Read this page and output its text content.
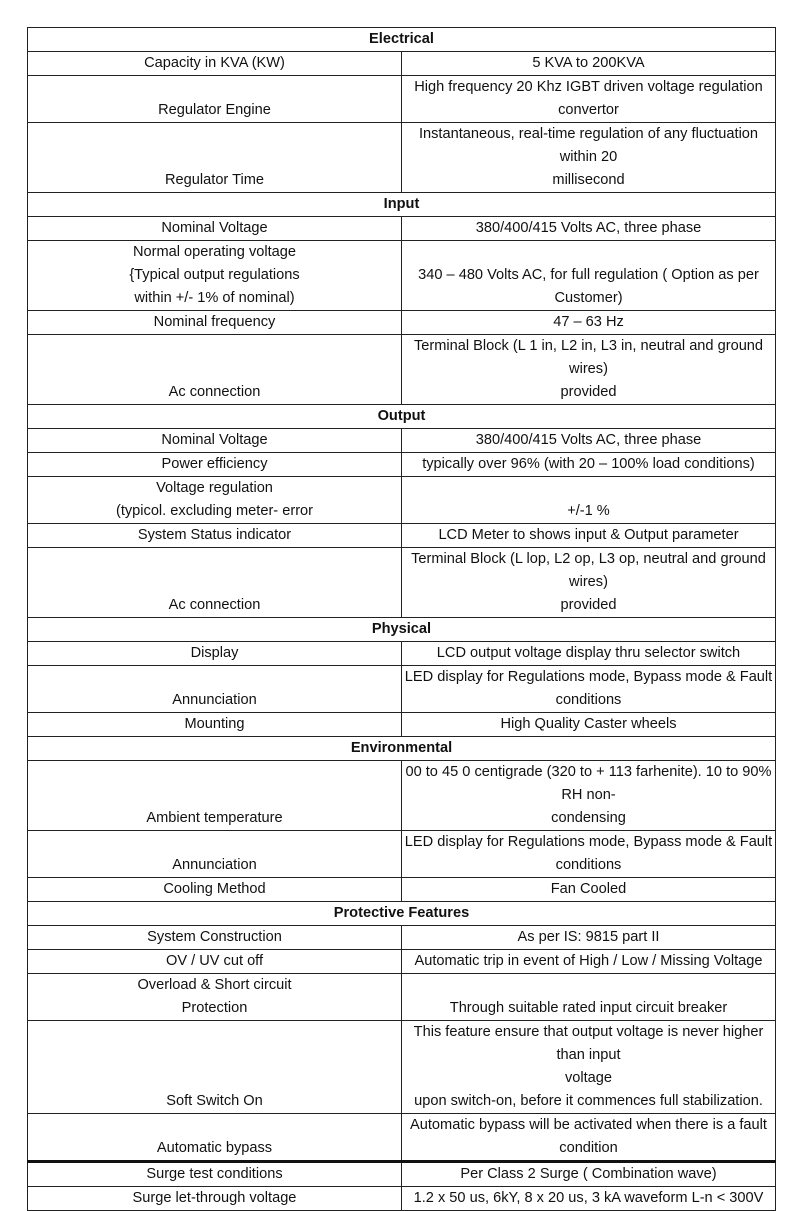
Electrical	
Capacity in KVA (KW)	5 KVA to 200KVA
Regulator Engine	High frequency 20 Khz IGBT driven voltage regulation convertor
Regulator Time	Instantaneous, real-time regulation of any fluctuation within 20
millisecond
Input	
Nominal Voltage	380/400/415 Volts AC, three phase
Normal operating voltage
{Typical output regulations
within +/- 1% of nominal)	340 – 480 Volts AC, for full regulation ( Option as per Customer)
Nominal frequency	47 – 63 Hz
Ac connection	Terminal Block (L 1 in, L2 in, L3 in, neutral and ground wires)
provided
Output	
Nominal Voltage	380/400/415 Volts AC, three phase
Power efficiency	typically over 96% (with 20 – 100% load conditions)
Voltage regulation
(typicol. excluding meter- error	+/-1 %
System Status indicator	LCD Meter to shows input & Output parameter
Ac connection	Terminal Block (L lop, L2 op, L3 op, neutral and ground wires)
provided
Physical	
Display	LCD output voltage display thru selector switch
Annunciation	LED display for Regulations mode, Bypass mode & Fault conditions
Mounting	High Quality Caster wheels
Environmental	
Ambient temperature	00 to 45 0 centigrade (320 to + 113 farhenite). 10 to 90% RH non-
condensing
Annunciation	LED display for Regulations mode, Bypass mode & Fault conditions
Cooling Method	Fan Cooled
Protective Features	
System Construction	As per IS: 9815 part II
OV / UV cut off	Automatic trip in event of High / Low / Missing Voltage
Overload & Short circuit
Protection	Through suitable rated input circuit breaker
Soft Switch On	This feature ensure that output voltage is never higher than input
voltage
upon switch-on, before it commences full stabilization.
Automatic bypass	Automatic bypass will be activated when there is a fault condition
Surge test conditions	Per Class 2 Surge ( Combination wave)
Surge let-through voltage	1.2 x 50 us, 6kY, 8 x 20 us, 3 kA waveform L-n < 300V
